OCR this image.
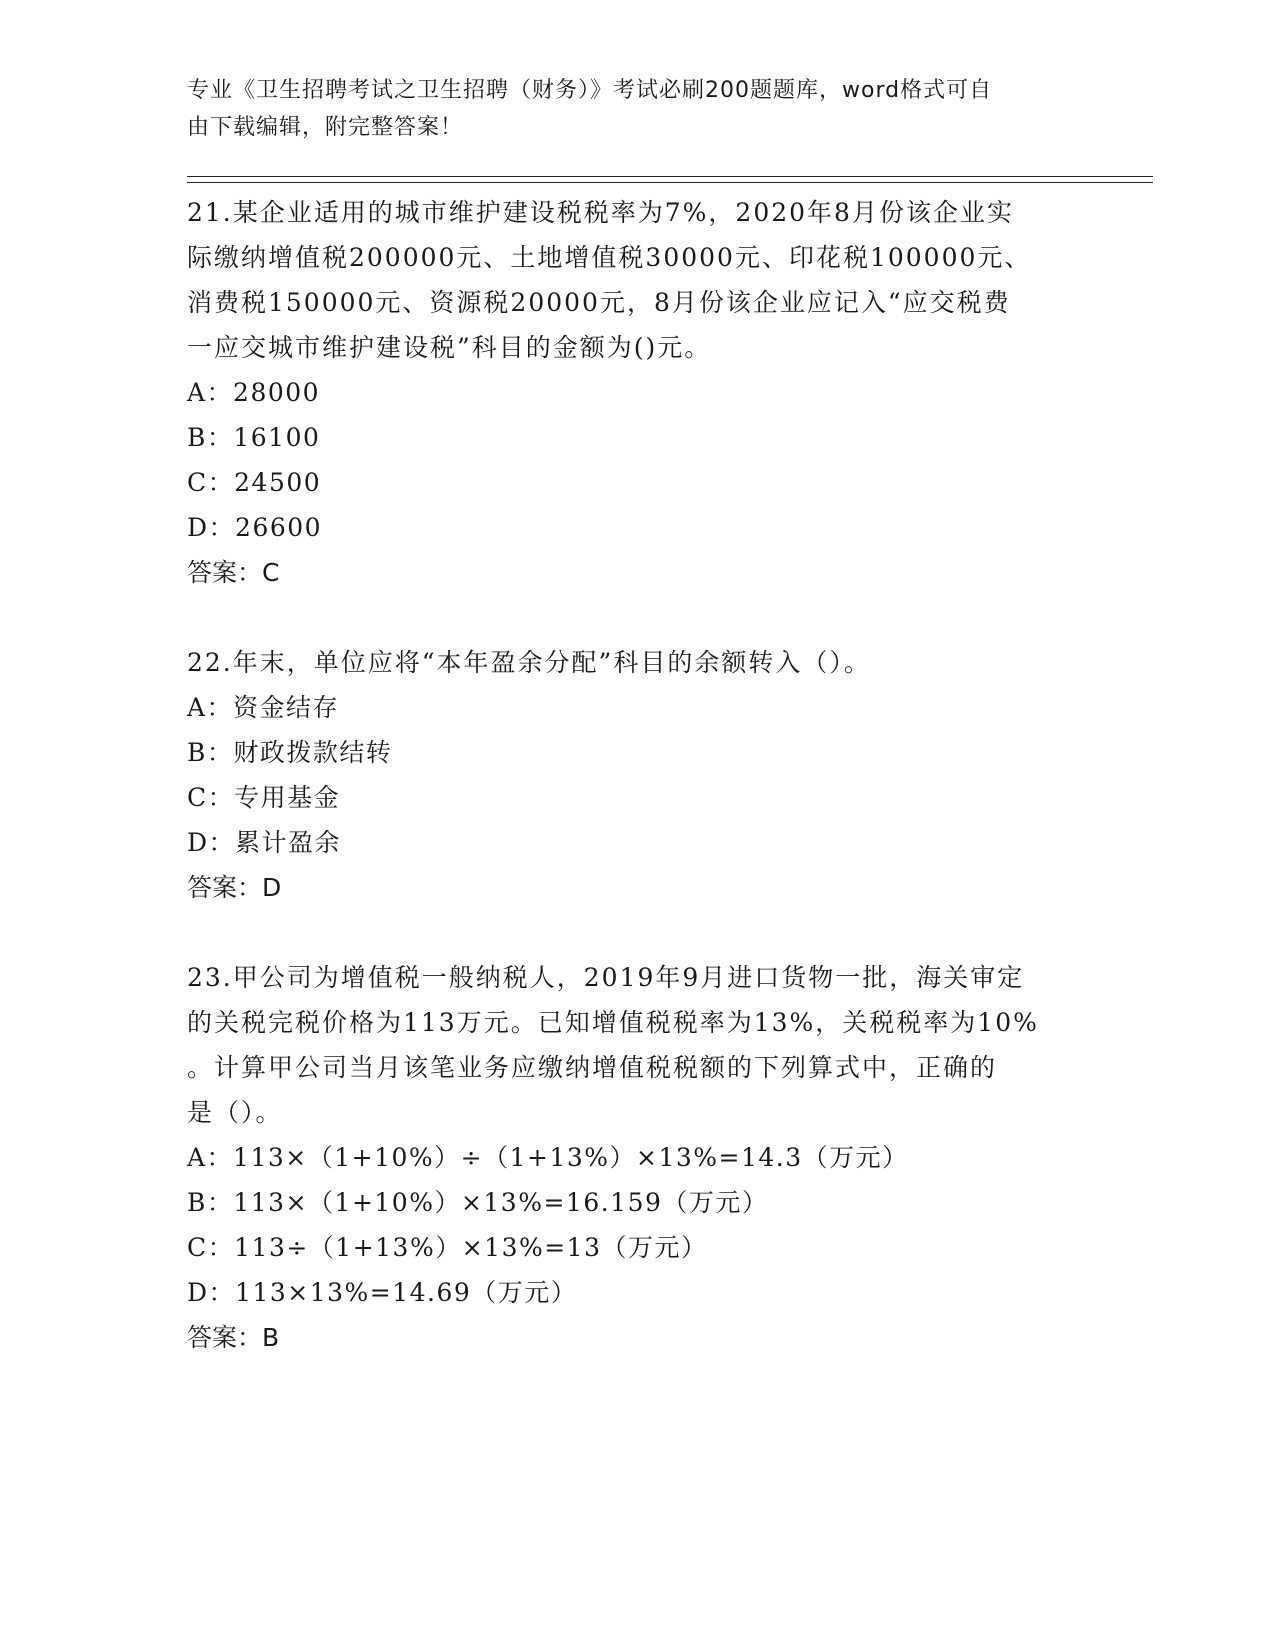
专业《卫生招聘考试之卫生招聘（财务）》考试必刷200题题库，word格式可自
由下载编辑，附完整答案！

21.某企业适用的城市维护建设税税率为7%，2020年8月份该企业实

际缴纳增值税200000元、土地增值税30000元、印花税100000元、

消费税150000元、资源税20000元，8月份该企业应记入“应交税费

一应交城市维护建设税”科目的金额为()元。

A：28000

B：16100

C：24500

D：26600

答案：C

22.年末，单位应将“本年盈余分配”科目的余额转入（）。

A：资金结存

B：财政拨款结转

C：专用基金

D：累计盈余

答案：D

23.甲公司为增值税一般纳税人，2019年9月进口货物一批，海关审定

的关税完税价格为113万元。已知增值税税率为13%，关税税率为10%

。计算甲公司当月该笔业务应缴纳增值税税额的下列算式中，正确的

是（）。

A：113×（1+10%）÷（1+13%）×13%=14.3（万元）

B：113×（1+10%）×13%=16.159（万元）

C：113÷（1+13%）×13%=13（万元）

D：113×13%=14.69（万元）

答案：B
